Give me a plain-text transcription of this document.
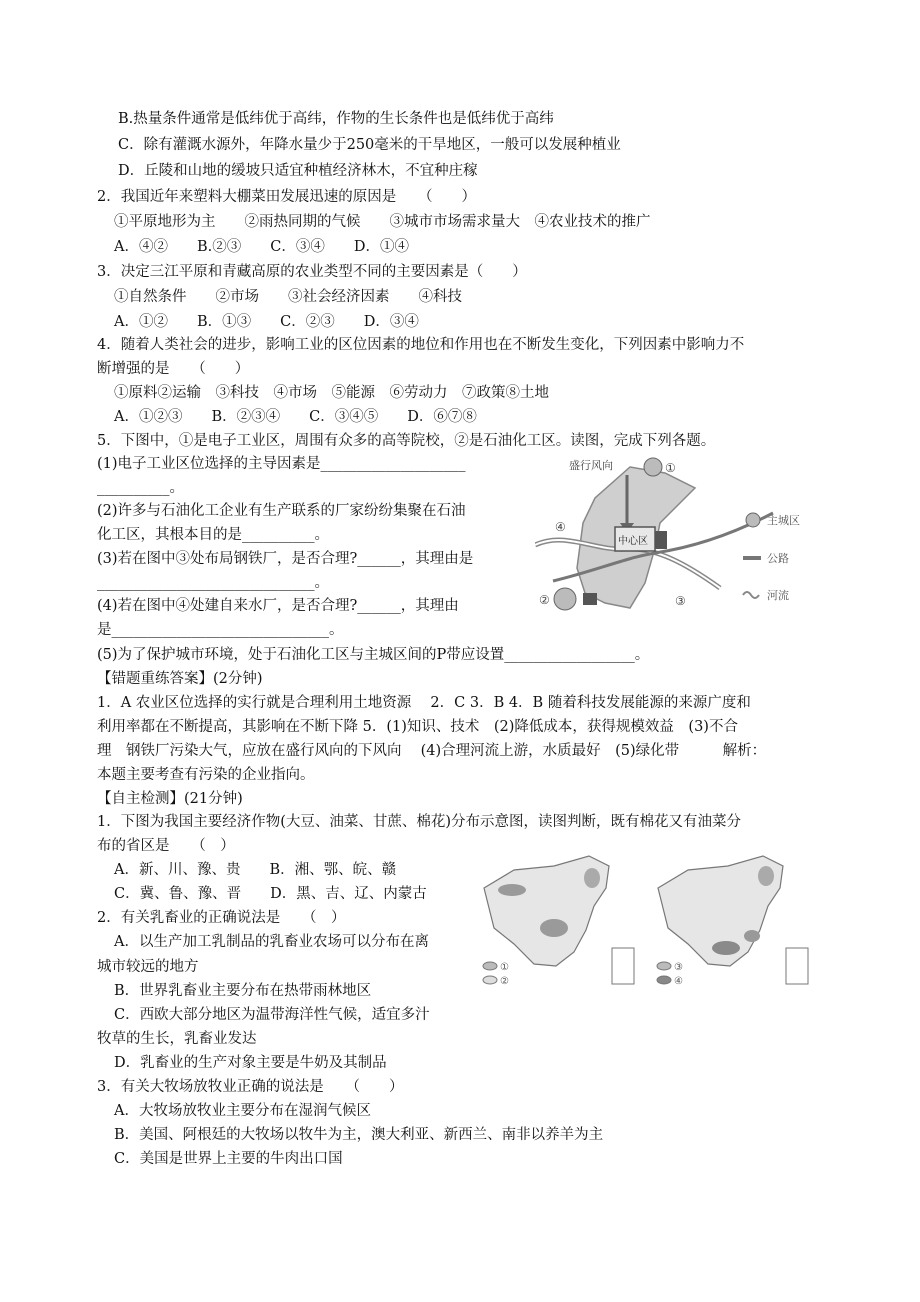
B.热量条件通常是低纬优于高纬，作物的生长条件也是低纬优于高纬
C．除有灌溉水源外，年降水量少于250毫米的干旱地区，一般可以发展种植业
D．丘陵和山地的缓坡只适宜种植经济林木，不宜种庄稼
2．我国近年来塑料大棚菜田发展迅速的原因是　　（　　）
①平原地形为主　　②雨热同期的气候　　③城市市场需求量大　④农业技术的推广
A．④②　　B.②③　　C．③④　　D．①④
3．决定三江平原和青藏高原的农业类型不同的主要因素是（　　）
①自然条件　　②市场　　③社会经济因素　　④科技
A．①②　　B．①③　　C．②③　　D．③④
4．随着人类社会的进步，影响工业的区位因素的地位和作用也在不断发生变化，下列因素中影响力不
断增强的是　　（　　）
①原料②运输　③科技　④市场　⑤能源　⑥劳动力　⑦政策⑧土地
A．①②③　　B．②③④　　C．③④⑤　　D．⑥⑦⑧
5．下图中，①是电子工业区，周围有众多的高等院校，②是石油化工区。读图，完成下列各题。
(1)电子工业区位选择的主导因素是____________________
__________。
(2)许多与石油化工企业有生产联系的厂家纷纷集聚在石油
化工区，其根本目的是__________。
(3)若在图中③处布局钢铁厂，是否合理?______，其理由是
______________________________。
(4)若在图中④处建自来水厂，是否合理?______，其理由
是______________________________。
(5)为了保护城市环境，处于石油化工区与主城区间的P带应设置__________________。
【错题重练答案】(2分钟)
1．A 农业区位选择的实行就是合理利用土地资源　 2．C 3．B 4．B 随着科技发展能源的来源广度和
利用率都在不断提高，其影响在不断下降 5．(1)知识、技术　(2)降低成本，获得规模效益　(3)不合
理　钢铁厂污染大气，应放在盛行风向的下风向　 (4)合理河流上游，水质最好　(5)绿化带　　　解析：
本题主要考查有污染的企业指向。
【自主检测】(21分钟)
1．下图为我国主要经济作物(大豆、油菜、甘蔗、棉花)分布示意图，读图判断，既有棉花又有油菜分
布的省区是　　（　）
A．新、川、豫、贵　　B．湘、鄂、皖、赣
C．冀、鲁、豫、晋　　D．黑、吉、辽、内蒙古
2．有关乳畜业的正确说法是　　（　）
A．以生产加工乳制品的乳畜业农场可以分布在离
城市较远的地方
B．世界乳畜业主要分布在热带雨林地区
C．西欧大部分地区为温带海洋性气候，适宜多汁
牧草的生长，乳畜业发达
D．乳畜业的生产对象主要是牛奶及其制品
3．有关大牧场放牧业正确的说法是　　（　　）
A．大牧场放牧业主要分布在湿润气候区
B．美国、阿根廷的大牧场以牧牛为主，澳大利亚、新西兰、南非以养羊为主
C．美国是世界上主要的牛肉出口国
盛行风向
中心区
①
②	③
④	主城区
公路
河流
①
②
③
④
